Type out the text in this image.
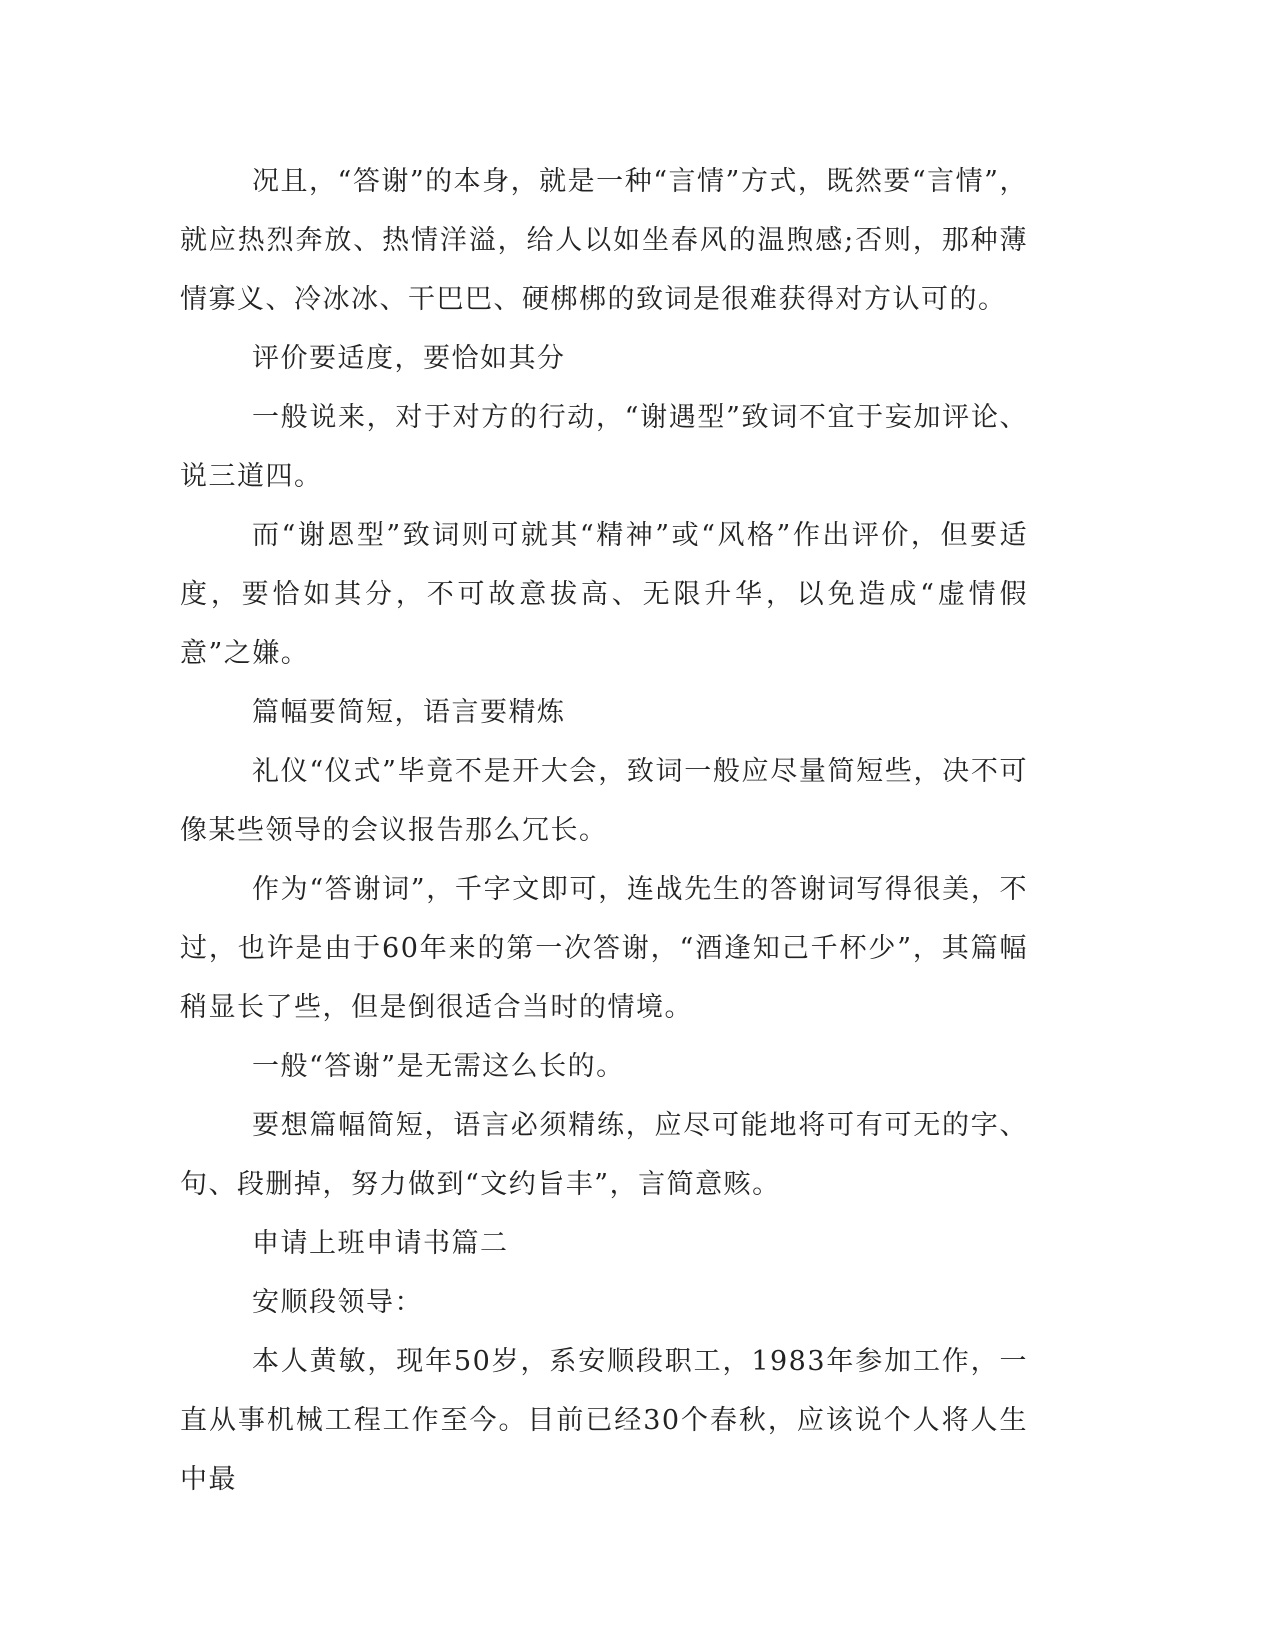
况且，“答谢”的本身，就是一种“言情”方式，既然要“言情”，就应热烈奔放、热情洋溢，给人以如坐春风的温煦感;否则，那种薄情寡义、冷冰冰、干巴巴、硬梆梆的致词是很难获得对方认可的。

评价要适度，要恰如其分

一般说来，对于对方的行动，“谢遇型”致词不宜于妄加评论、说三道四。

而“谢恩型”致词则可就其“精神”或“风格”作出评价，但要适度，要恰如其分，不可故意拔高、无限升华，以免造成“虚情假意”之嫌。

篇幅要简短，语言要精炼

礼仪“仪式”毕竟不是开大会，致词一般应尽量简短些，决不可像某些领导的会议报告那么冗长。

作为“答谢词”，千字文即可，连战先生的答谢词写得很美，不过，也许是由于60年来的第一次答谢，“酒逢知己千杯少”，其篇幅稍显长了些，但是倒很适合当时的情境。

一般“答谢”是无需这么长的。

要想篇幅简短，语言必须精练，应尽可能地将可有可无的字、句、段删掉，努力做到“文约旨丰”，言简意赅。

申请上班申请书篇二

安顺段领导：

本人黄敏，现年50岁，系安顺段职工，1983年参加工作，一直从事机械工程工作至今。目前已经30个春秋，应该说个人将人生中最
